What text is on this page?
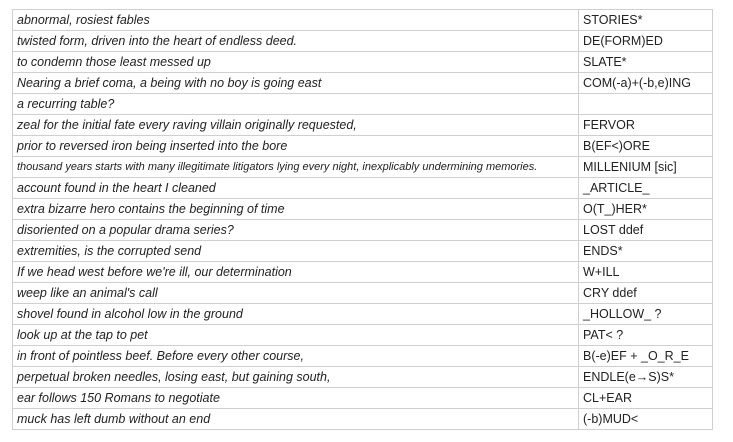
abnormal, rosiest fables	STORIES*
twisted form, driven into the heart of endless deed.	DE(FORM)ED
to condemn those least messed up	SLATE*
Nearing a brief coma, a being with no boy is going east	COM(-a)+(-b,e)ING
a recurring table?	
zeal for the initial fate every raving villain originally requested,	FERVOR
prior to reversed iron being inserted into the bore	B(EF<)ORE
thousand years starts with many illegitimate litigators lying every night, inexplicably undermining memories.	MILLENIUM [sic]
account found in the heart I cleaned	_ARTICLE_
extra bizarre hero contains the beginning of time	O(T_)HER*
disoriented on a popular drama series?	LOST ddef
extremities, is the corrupted send	ENDS*
If we head west before we're ill, our determination	W+ILL
weep like an animal's call	CRY ddef
shovel found in alcohol low in the ground	_HOLLOW_ ?
look up at the tap to pet	PAT< ?
in front of pointless beef. Before every other course,	B(-e)EF + _O_R_E
perpetual broken needles, losing east, but gaining south,	ENDLE(e→S)S*
ear follows 150 Romans to negotiate	CL+EAR
muck has left dumb without an end	(-b)MUD<
